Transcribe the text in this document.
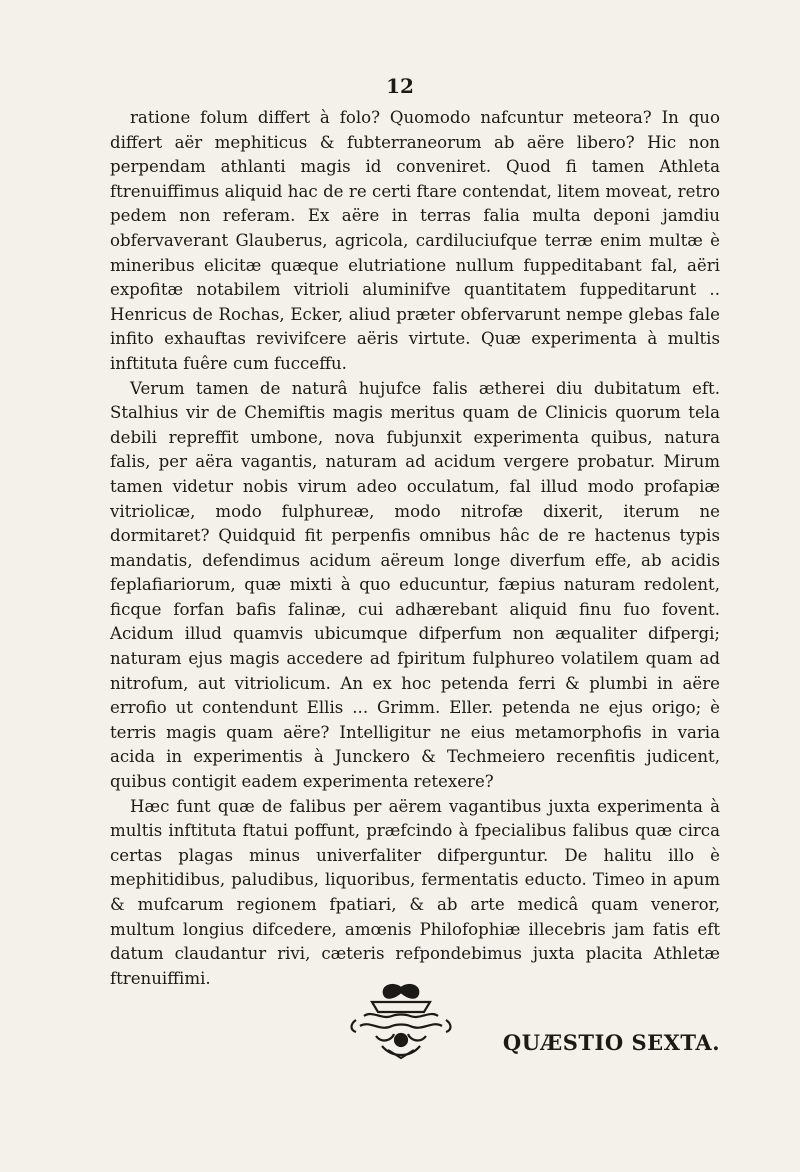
12

ratione folum differt à folo? Quomodo nafcuntur meteora? In quo differt aër mephiticus & fubterraneorum ab aëre libero? Hic non perpendam athlanti magis id conveniret. Quod fi tamen Athleta ftrenuiffimus aliquid hac de re certi ftare contendat, litem moveat, retro pedem non referam. Ex aëre in terras falia multa deponi jamdiu obfervaverant Glauberus, agricola, cardiluciufque terræ enim multæ è mineribus elicitæ quæque elutriatione nullum fuppeditabant fal, aëri expofitæ notabilem vitrioli aluminifve quantitatem fuppeditarunt .. Henricus de Rochas, Ecker, aliud præter obfervarunt nempe glebas fale infito exhauftas revivifcere aëris virtute. Quæ experimenta à multis inftituta fuêre cum fucceffu.

Verum tamen de naturâ hujufce falis ætherei diu dubitatum eft. Stalhius vir de Chemiftis magis meritus quam de Clinicis quorum tela debili repreffit umbone, nova fubjunxit experimenta quibus, natura falis, per aëra vagantis, naturam ad acidum vergere probatur. Mirum tamen videtur nobis virum adeo occulatum, fal illud modo profapiæ vitriolicæ, modo fulphureæ, modo nitrofæ dixerit, iterum ne dormitaret? Quidquid fit perpenfis omnibus hâc de re hactenus typis mandatis, defendimus acidum aëreum longe diverfum effe, ab acidis feplafiariorum, quæ mixti à quo educuntur, fæpius naturam redolent, ficque forfan bafis falinæ, cui adhærebant aliquid finu fuo fovent. Acidum illud quamvis ubicumque difperfum non æqualiter difpergi; naturam ejus magis accedere ad fpiritum fulphureo volatilem quam ad nitrofum, aut vitriolicum. An ex hoc petenda ferri & plumbi in aëre errofio ut contendunt Ellis ... Grimm. Eller. petenda ne ejus origo; è terris magis quam aëre? Intelligitur ne eius metamorphofis in varia acida in experimentis à Junckero & Techmeiero recenfitis judicent, quibus contigit eadem experimenta retexere?

Hæc funt quæ de falibus per aërem vagantibus juxta experimenta à multis inftituta ftatui poffunt, præfcindo à fpecialibus falibus quæ circa certas plagas minus univerfaliter difperguntur. De halitu illo è mephitidibus, paludibus, liquoribus, fermentatis educto. Timeo in apum & mufcarum regionem fpatiari, & ab arte medicâ quam veneror, multum longius difcedere, amœnis Philofophiæ illecebris jam fatis eft datum claudantur rivi, cæteris refpondebimus juxta placita Athletæ ftrenuiffimi.

QUÆSTIO SEXTA.
